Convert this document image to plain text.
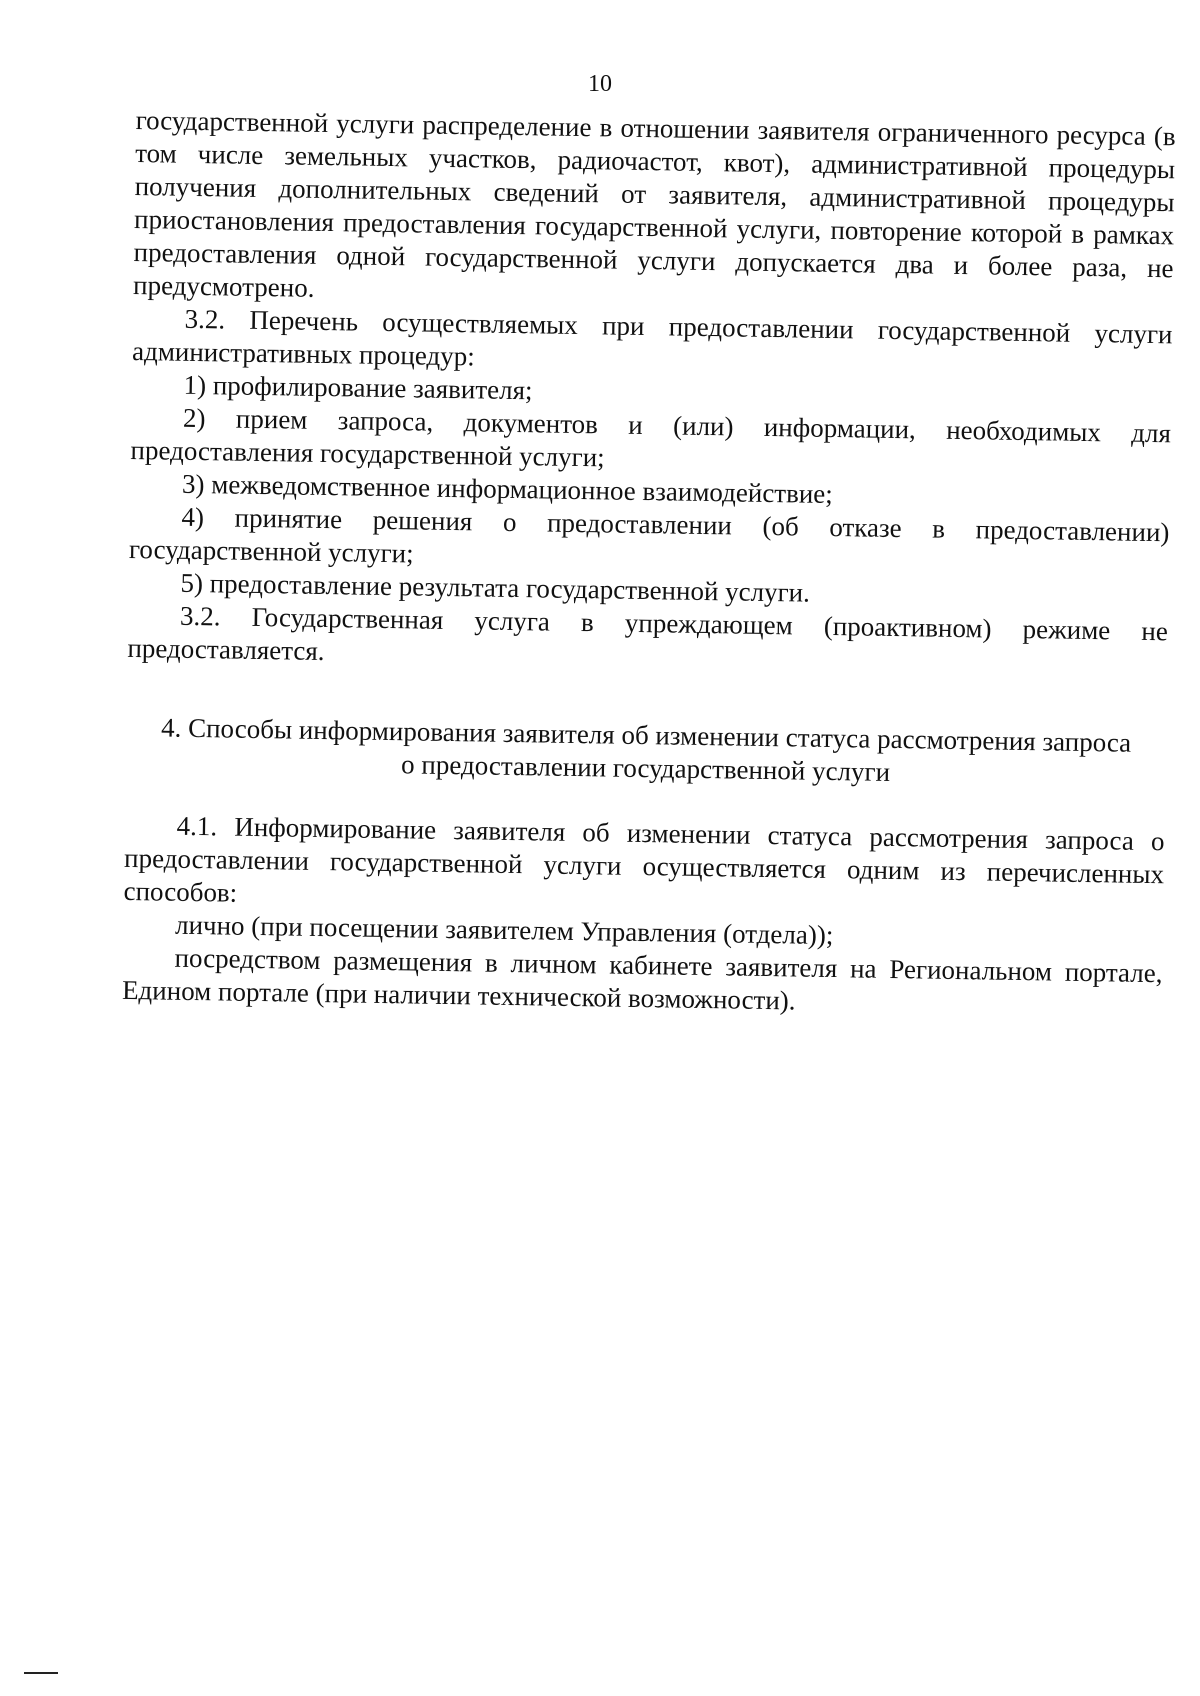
10

государственной услуги распределение в отношении заявителя ограниченного ресурса (в том числе земельных участков, радиочастот, квот), административной процедуры получения дополнительных сведений от заявителя, административной процедуры приостановления предоставления государственной услуги, повторение которой в рамках предоставления одной государственной услуги допускается два и более раза, не предусмотрено.

3.2. Перечень осуществляемых при предоставлении государственной услуги административных процедур:

1) профилирование заявителя;

2) прием запроса, документов и (или) информации, необходимых для предоставления государственной услуги;

3) межведомственное информационное взаимодействие;

4) принятие решения о предоставлении (об отказе в предоставлении) государственной услуги;

5) предоставление результата государственной услуги.

3.2. Государственная услуга в упреждающем (проактивном) режиме не предоставляется.

4. Способы информирования заявителя об изменении статуса рассмотрения запроса
о предоставлении государственной услуги

4.1. Информирование заявителя об изменении статуса рассмотрения запроса о предоставлении государственной услуги осуществляется одним из перечисленных способов:

лично (при посещении заявителем Управления (отдела));

посредством размещения в личном кабинете заявителя на Региональном портале, Едином портале (при наличии технической возможности).
